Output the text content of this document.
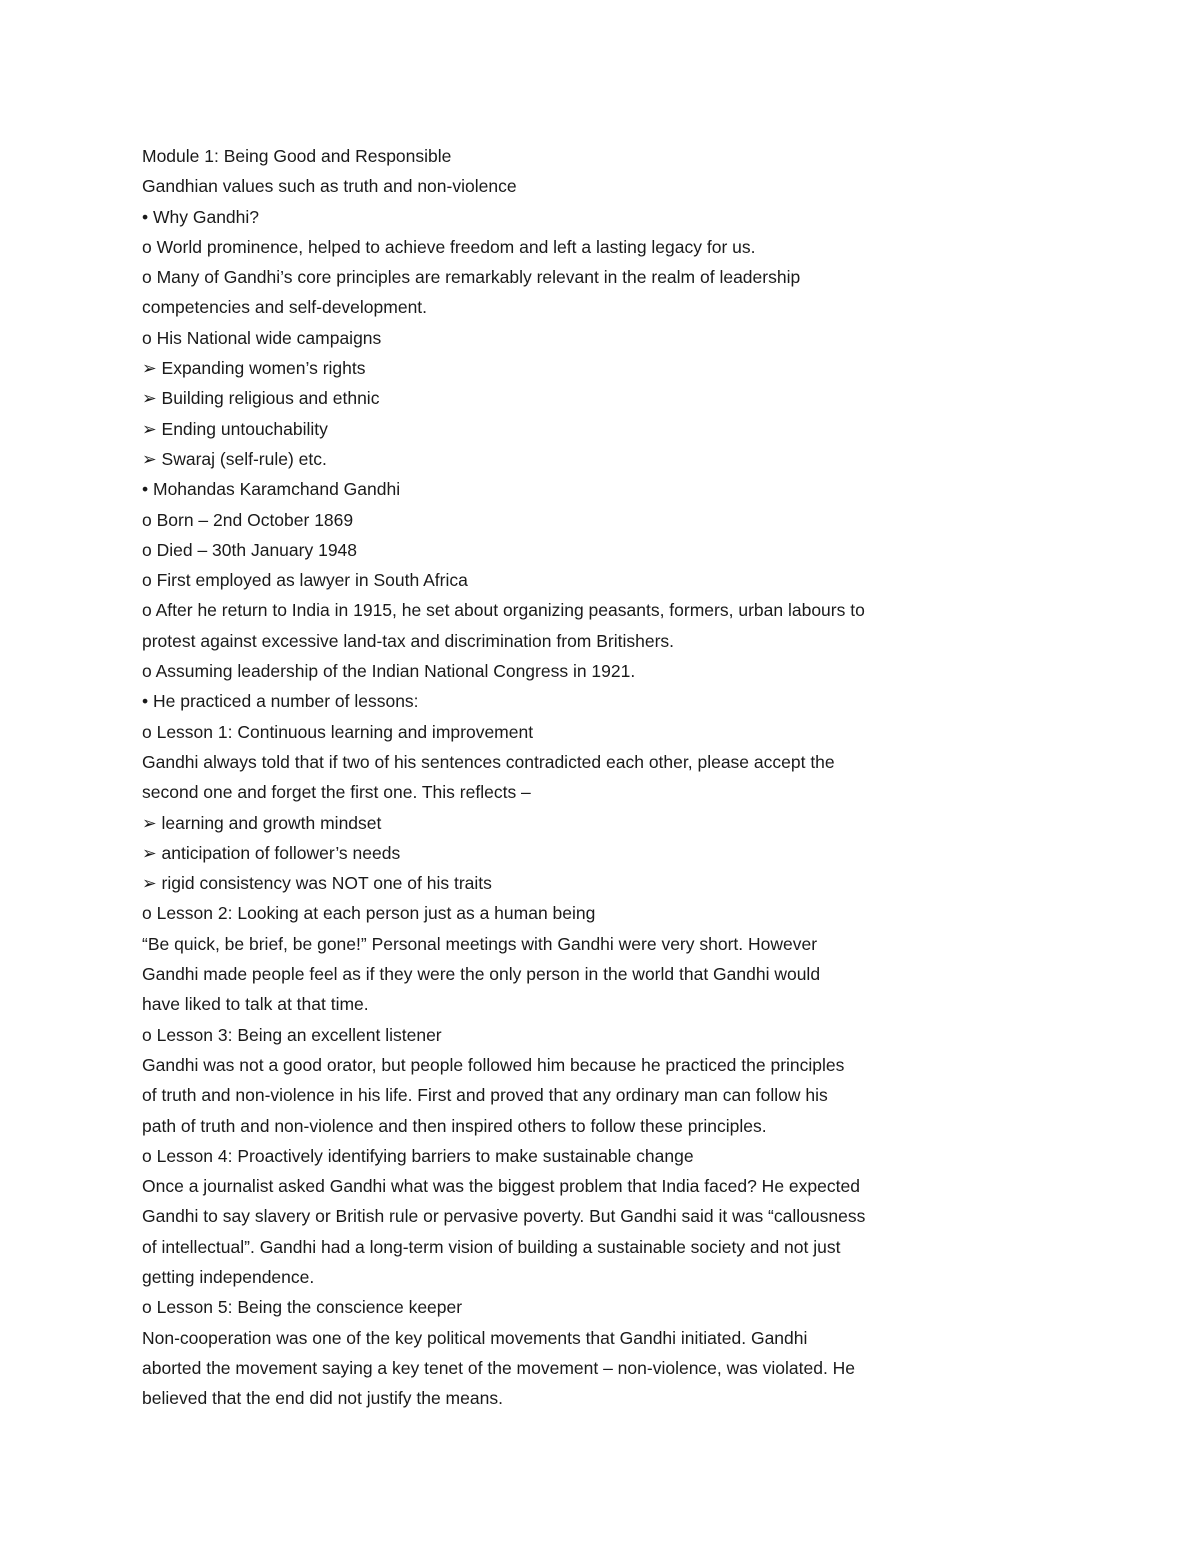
Module 1: Being Good and Responsible
Gandhian values such as truth and non-violence
• Why Gandhi?
o World prominence, helped to achieve freedom and left a lasting legacy for us.
o Many of Gandhi’s core principles are remarkably relevant in the realm of leadership
competencies and self-development.
o His National wide campaigns
➢ Expanding women’s rights
➢ Building religious and ethnic
➢ Ending untouchability
➢ Swaraj (self-rule) etc.
• Mohandas Karamchand Gandhi
o Born – 2nd October 1869
o Died – 30th January 1948
o First employed as lawyer in South Africa
o After he return to India in 1915, he set about organizing peasants, formers, urban labours to
protest against excessive land-tax and discrimination from Britishers.
o Assuming leadership of the Indian National Congress in 1921.
• He practiced a number of lessons:
o Lesson 1: Continuous learning and improvement
Gandhi always told that if two of his sentences contradicted each other, please accept the
second one and forget the first one. This reflects –
➢ learning and growth mindset
➢ anticipation of follower’s needs
➢ rigid consistency was NOT one of his traits
o Lesson 2: Looking at each person just as a human being
“Be quick, be brief, be gone!” Personal meetings with Gandhi were very short. However
Gandhi made people feel as if they were the only person in the world that Gandhi would
have liked to talk at that time.
o Lesson 3: Being an excellent listener
Gandhi was not a good orator, but people followed him because he practiced the principles
of truth and non-violence in his life. First and proved that any ordinary man can follow his
path of truth and non-violence and then inspired others to follow these principles.
o Lesson 4: Proactively identifying barriers to make sustainable change
Once a journalist asked Gandhi what was the biggest problem that India faced? He expected
Gandhi to say slavery or British rule or pervasive poverty. But Gandhi said it was “callousness
of intellectual”. Gandhi had a long-term vision of building a sustainable society and not just
getting independence.
o Lesson 5: Being the conscience keeper
Non-cooperation was one of the key political movements that Gandhi initiated. Gandhi
aborted the movement saying a key tenet of the movement – non-violence, was violated. He
believed that the end did not justify the means.
